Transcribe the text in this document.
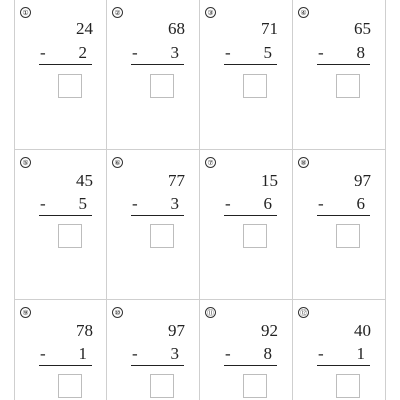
①
24
-	2
②
68
-	3
③
71
-	5
④
65
-	8
⑤
45
-	5
⑥
77
-	3
⑦
15
-	6
⑧
97
-	6
⑨
78
-	1
⑩
97
-	3
⑪
92
-	8
⑫
40
-	1
